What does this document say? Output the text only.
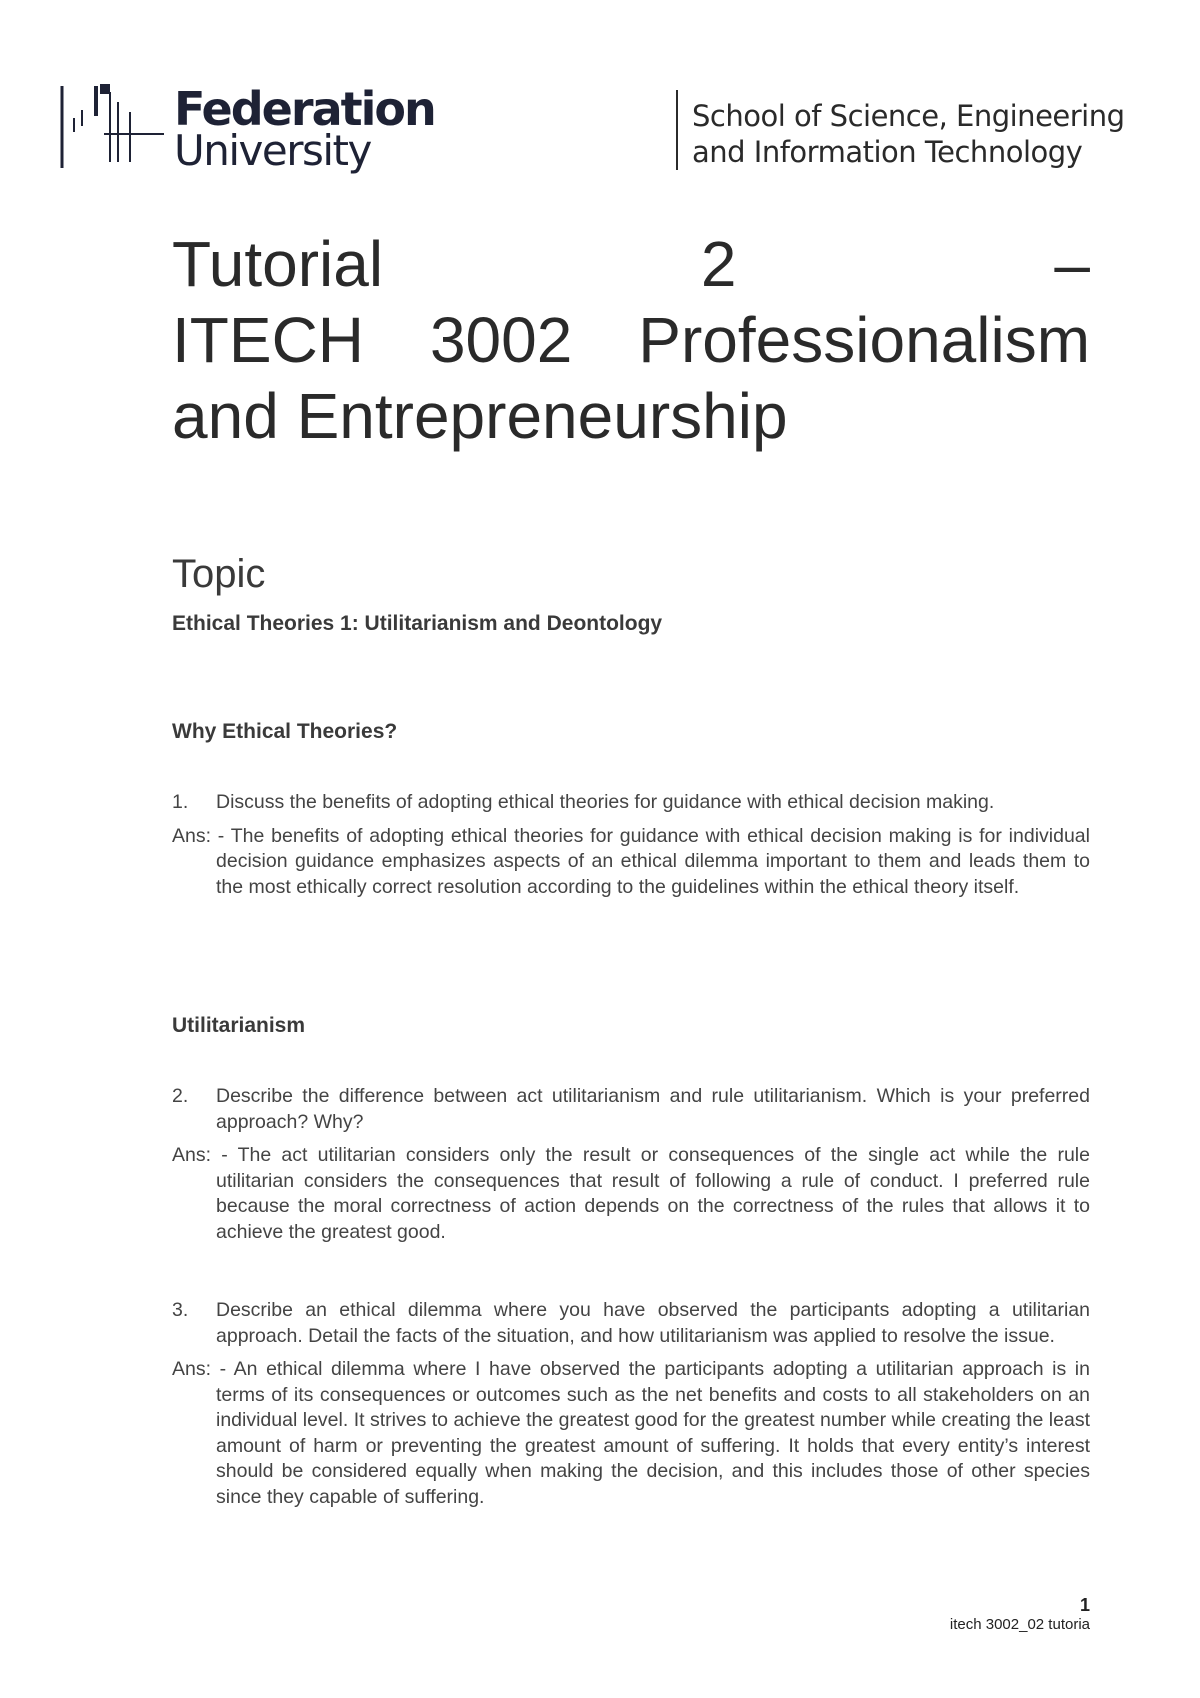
Federation
University
School of Science, Engineering
and Information Technology
Tutorial	2	–
ITECH 3002 Professionalism
and Entrepreneurship
Topic
Ethical Theories 1: Utilitarianism and Deontology
Why Ethical Theories?
1.	Discuss the benefits of adopting ethical theories for guidance with ethical decision making.
Ans: - The benefits of adopting ethical theories for guidance with ethical decision making is for individual decision guidance emphasizes aspects of an ethical dilemma important to them and leads them to the most ethically correct resolution according to the guidelines within the ethical theory itself.
Utilitarianism
2.	Describe the difference between act utilitarianism and rule utilitarianism. Which is your preferred approach? Why?
Ans: - The act utilitarian considers only the result or consequences of the single act while the rule utilitarian considers the consequences that result of following a rule of conduct. I preferred rule because the moral correctness of action depends on the correctness of the rules that allows it to achieve the greatest good.
3.	Describe an ethical dilemma where you have observed the participants adopting a utilitarian approach. Detail the facts of the situation, and how utilitarianism was applied to resolve the issue.
Ans: - An ethical dilemma where I have observed the participants adopting a utilitarian approach is in terms of its consequences or outcomes such as the net benefits and costs to all stakeholders on an individual level. It strives to achieve the greatest good for the greatest number while creating the least amount of harm or preventing the greatest amount of suffering. It holds that every entity’s interest should be considered equally when making the decision, and this includes those of other species since they capable of suffering.
1
itech 3002_02 tutoria
